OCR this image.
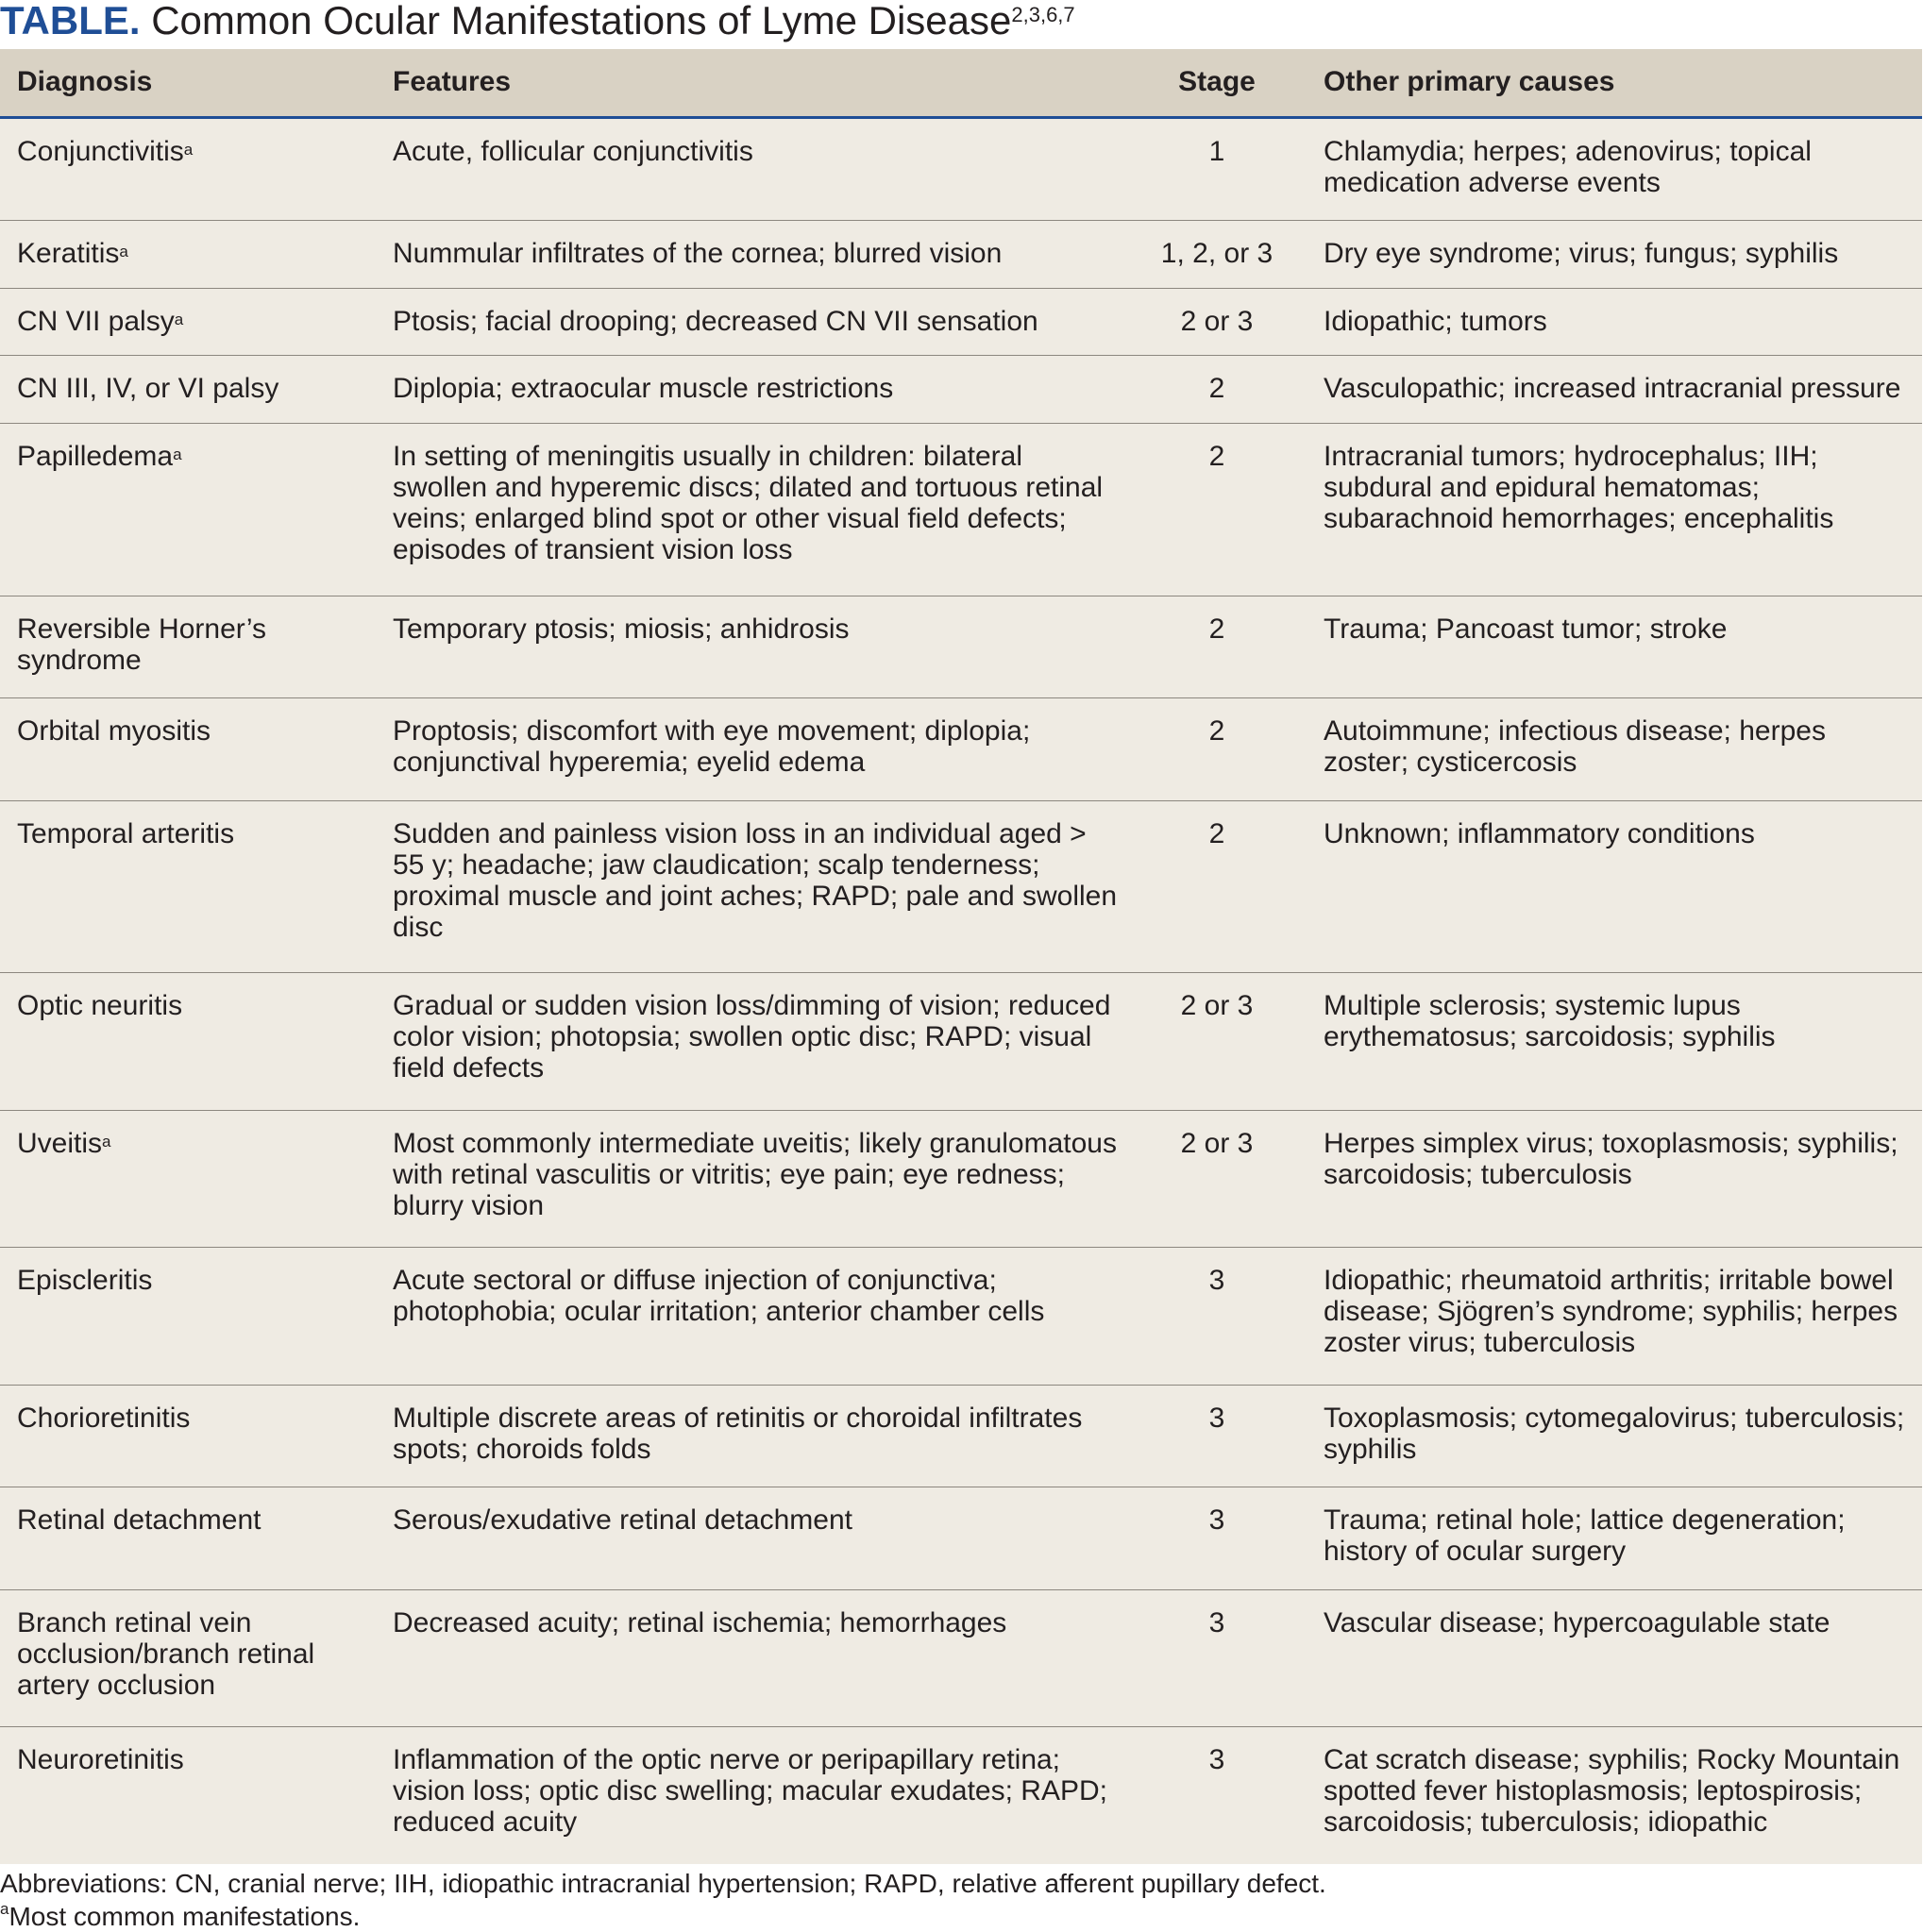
TABLE. Common Ocular Manifestations of Lyme Disease$^{2,3,6,7}$
Diagnosis	Features	Stage	Other primary causes
Conjunctivitis$^a$	Acute, follicular conjunctivitis	1	Chlamydia; herpes; adenovirus; topical medication adverse events
Keratitis$^a$	Nummular infiltrates of the cornea; blurred vision	1, 2, or 3	Dry eye syndrome; virus; fungus; syphilis
CN VII palsy$^a$	Ptosis; facial drooping; decreased CN VII sensation	2 or 3	Idiopathic; tumors
CN III, IV, or VI palsy	Diplopia; extraocular muscle restrictions	2	Vasculopathic; increased intracranial pressure
Papilledema$^a$	In setting of meningitis usually in children: bilateral swollen and hyperemic discs; dilated and tortuous retinal veins; enlarged blind spot or other visual field defects; episodes of transient vision loss	2	Intracranial tumors; hydrocephalus; IIH; subdural and epidural hematomas; subarachnoid hemorrhages; encephalitis
Reversible Horner’s syndrome	Temporary ptosis; miosis; anhidrosis	2	Trauma; Pancoast tumor; stroke
Orbital myositis	Proptosis; discomfort with eye movement; diplopia; conjunctival hyperemia; eyelid edema	2	Autoimmune; infectious disease; herpes zoster; cysticercosis
Temporal arteritis	Sudden and painless vision loss in an individual aged > 55 y; headache; jaw claudication; scalp tenderness; proximal muscle and joint aches; RAPD; pale and swollen disc	2	Unknown; inflammatory conditions
Optic neuritis	Gradual or sudden vision loss/dimming of vision; reduced color vision; photopsia; swollen optic disc; RAPD; visual field defects	2 or 3	Multiple sclerosis; systemic lupus erythematosus; sarcoidosis; syphilis
Uveitis$^a$	Most commonly intermediate uveitis; likely granulomatous with retinal vasculitis or vitritis; eye pain; eye redness; blurry vision	2 or 3	Herpes simplex virus; toxoplasmosis; syphilis; sarcoidosis; tuberculosis
Episcleritis	Acute sectoral or diffuse injection of conjunctiva; photophobia; ocular irritation; anterior chamber cells	3	Idiopathic; rheumatoid arthritis; irritable bowel disease; Sjögren’s syndrome; syphilis; herpes zoster virus; tuberculosis
Chorioretinitis	Multiple discrete areas of retinitis or choroidal infiltrates spots; choroids folds	3	Toxoplasmosis; cytomegalovirus; tuberculosis; syphilis
Retinal detachment	Serous/exudative retinal detachment	3	Trauma; retinal hole; lattice degeneration; history of ocular surgery
Branch retinal vein occlusion/branch retinal artery occlusion	Decreased acuity; retinal ischemia; hemorrhages	3	Vascular disease; hypercoagulable state
Neuroretinitis	Inflammation of the optic nerve or peripapillary retina; vision loss; optic disc swelling; macular exudates; RAPD; reduced acuity	3	Cat scratch disease; syphilis; Rocky Mountain spotted fever histoplasmosis; leptospirosis; sarcoidosis; tuberculosis; idiopathic
Abbreviations: CN, cranial nerve; IIH, idiopathic intracranial hypertension; RAPD, relative afferent pupillary defect.
$^a$Most common manifestations.
